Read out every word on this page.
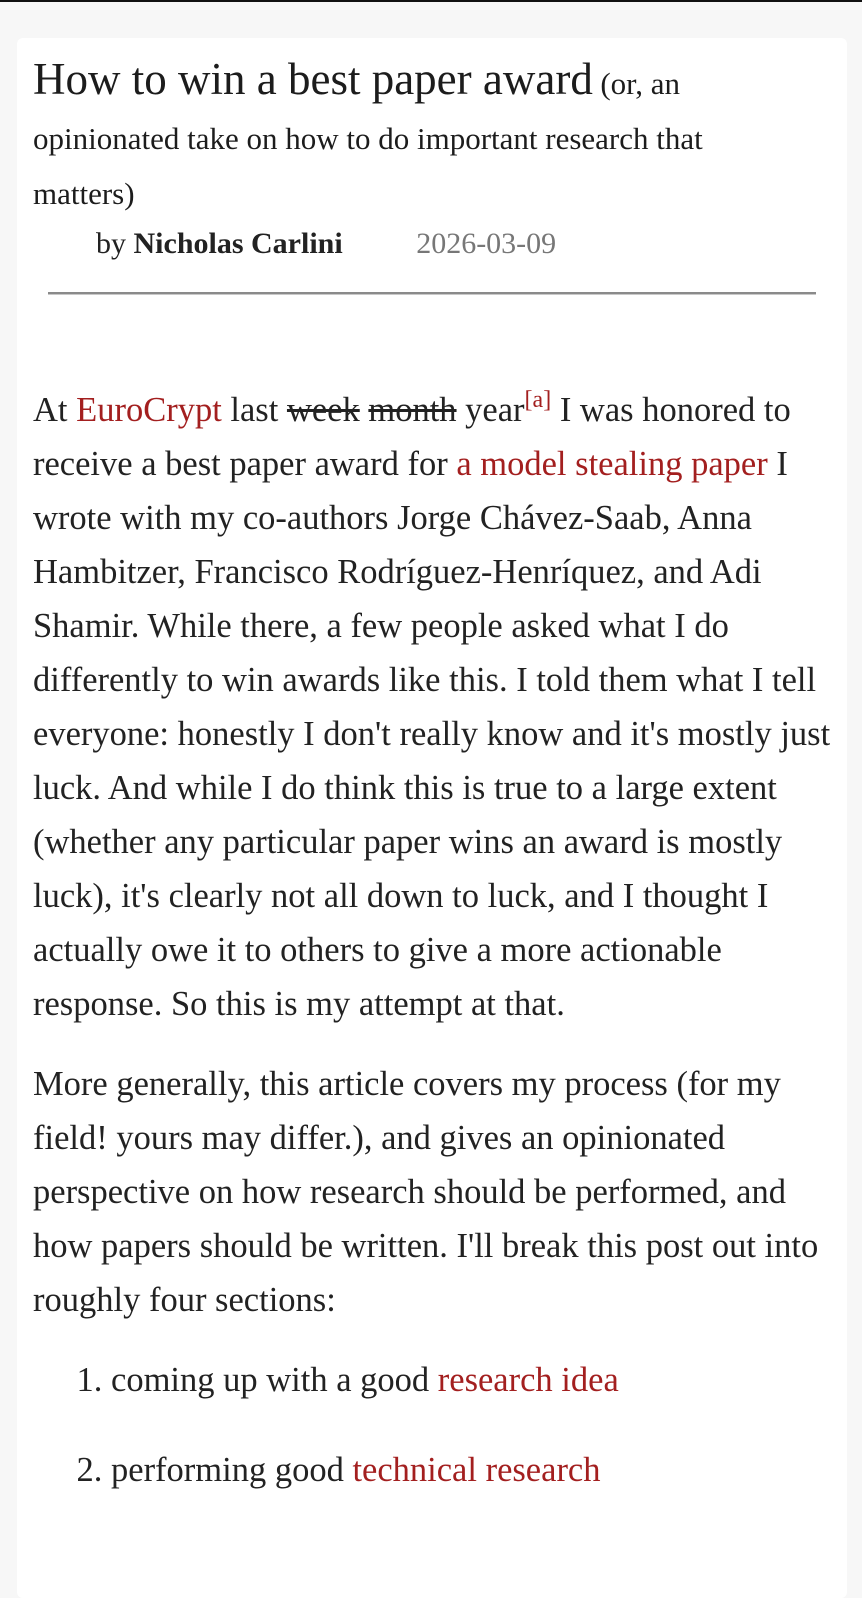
How to win a best paper award (or, an opinionated take on how to do important research that matters)
by Nicholas Carlini 2026-03-09

At EuroCrypt last week month year[a] I was honored to receive a best paper award for a model stealing paper I wrote with my co-authors Jorge Chávez-Saab, Anna Hambitzer, Francisco Rodríguez-Henríquez, and Adi Shamir. While there, a few people asked what I do differently to win awards like this. I told them what I tell everyone: honestly I don't really know and it's mostly just luck. And while I do think this is true to a large extent (whether any particular paper wins an award is mostly luck), it's clearly not all down to luck, and I thought I actually owe it to others to give a more actionable response. So this is my attempt at that.

More generally, this article covers my process (for my field! yours may differ.), and gives an opinionated perspective on how research should be performed, and how papers should be written. I'll break this post out into roughly four sections:

1. coming up with a good research idea
2. performing good technical research
